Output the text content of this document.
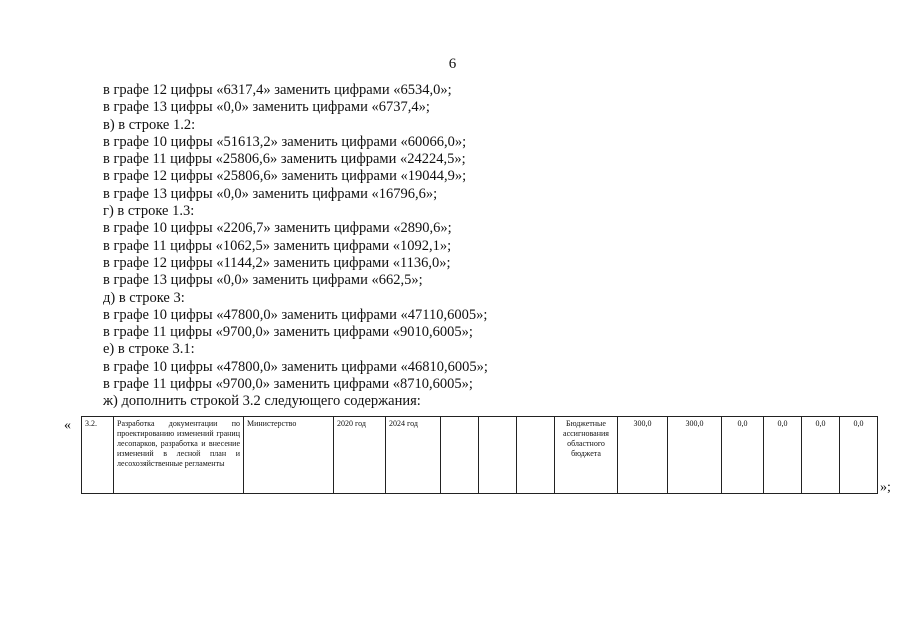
6
в графе 12 цифры «6317,4» заменить цифрами «6534,0»;
в графе 13 цифры «0,0» заменить цифрами «6737,4»;
в) в строке 1.2:
в графе 10 цифры «51613,2» заменить цифрами «60066,0»;
в графе 11 цифры «25806,6» заменить цифрами «24224,5»;
в графе 12 цифры «25806,6» заменить цифрами «19044,9»;
в графе 13 цифры «0,0» заменить цифрами «16796,6»;
г) в строке 1.3:
в графе 10 цифры «2206,7» заменить цифрами «2890,6»;
в графе 11 цифры «1062,5» заменить цифрами «1092,1»;
в графе 12 цифры «1144,2» заменить цифрами «1136,0»;
в графе 13 цифры «0,0» заменить цифрами «662,5»;
д) в строке 3:
в графе 10 цифры «47800,0» заменить цифрами «47110,6005»;
в графе 11 цифры «9700,0» заменить цифрами «9010,6005»;
е) в строке 3.1:
в графе 10 цифры «47800,0» заменить цифрами «46810,6005»;
в графе 11 цифры «9700,0» заменить цифрами «8710,6005»;
ж) дополнить строкой 3.2 следующего содержания:
« 3.2.	Разработка документации по проектированию изменений границ лесопарков, разработка и внесение изменений в лесной план и лесохозяйственные регламенты	Министерство	2020 год	2024 год				Бюджетные ассигнования областного бюджета	300,0	300,0	0,0	0,0	0,0	0,0
»;
